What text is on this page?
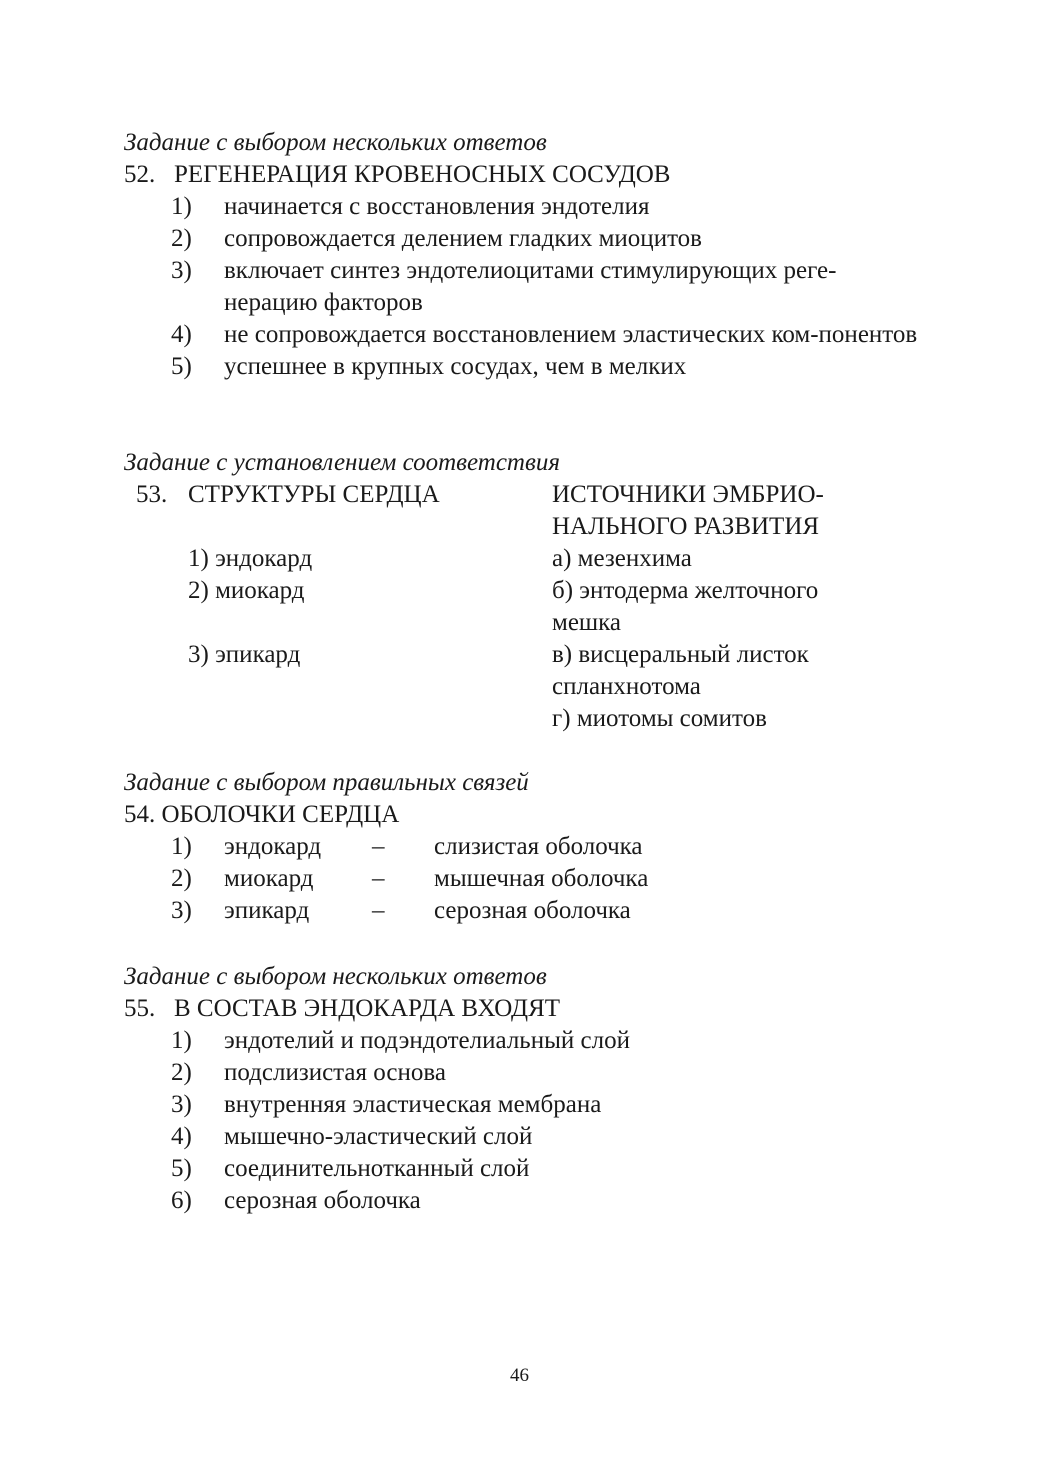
Задание с выбором нескольких ответов
52. РЕГЕНЕРАЦИЯ КРОВЕНОСНЫХ СОСУДОВ
1) начинается с восстановления эндотелия
2) сопровождается делением гладких миоцитов
3) включает синтез эндотелиоцитами стимулирующих реге-нерацию факторов
4) не сопровождается восстановлением эластических ком-понентов
5) успешнее в крупных сосудах, чем в мелких
Задание с установлением соответствия
53. СТРУКТУРЫ СЕРДЦА	ИСТОЧНИКИ ЭМБРИО-НАЛЬНОГО РАЗВИТИЯ
1) эндокард
2) миокард
3) эпикард
а) мезенхима
б) энтодерма желточного мешка
в) висцеральный листок спланхнотома
г) миотомы сомитов
Задание с выбором правильных связей
54. ОБОЛОЧКИ СЕРДЦА
1) эндокард – слизистая оболочка
2) миокард – мышечная оболочка
3) эпикард	– серозная оболочка
Задание с выбором нескольких ответов
55. В СОСТАВ ЭНДОКАРДА ВХОДЯТ
1) эндотелий и подэндотелиальный слой
2) подслизистая основа
3) внутренняя эластическая мембрана
4) мышечно-эластический слой
5) соединительнотканный слой
6) серозная оболочка
46
